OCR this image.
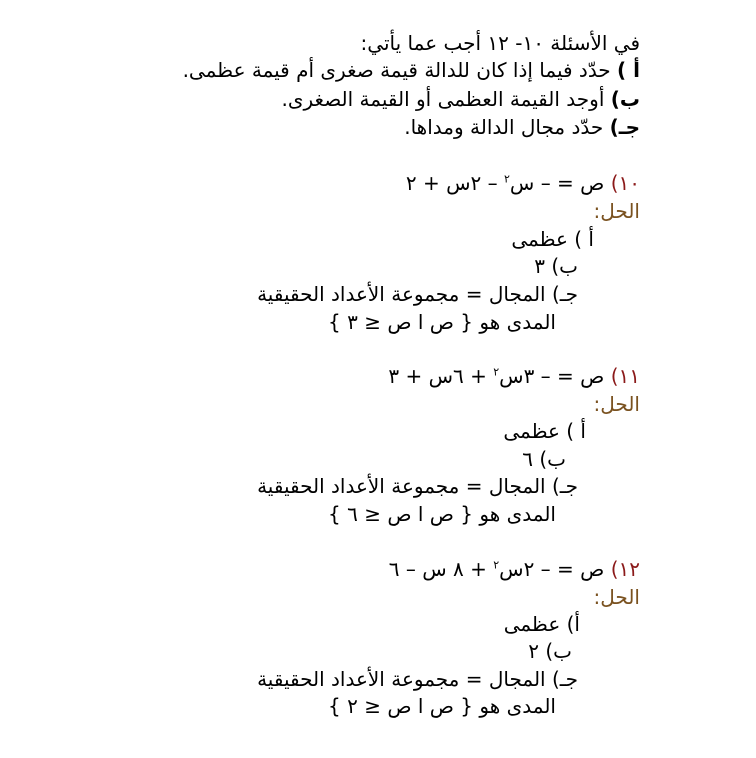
في الأسئلة ١٠- ١٢ أجب عما يأتي:
أ ) حدّد فيما إذا كان للدالة قيمة صغرى أم قيمة عظمى.
ب) أوجد القيمة العظمى أو القيمة الصغرى.
جـ) حدّد مجال الدالة ومداها.
١٠) ص = – س$^٢$ – ٢س + ٢
الحل:
أ ) عظمى
ب) ٣
جـ) المجال = مجموعة الأعداد الحقيقية
المدى هو { ص ا ص ≤ ٣ }
١١) ص = – ٣س$^٢$ + ٦س + ٣
الحل:
أ ) عظمى
ب) ٦
جـ) المجال = مجموعة الأعداد الحقيقية
المدى هو { ص ا ص ≤ ٦ }
١٢) ص = – ٢س$^٢$ + ٨ س – ٦
الحل:
أ) عظمى
ب) ٢
جـ) المجال = مجموعة الأعداد الحقيقية
المدى هو { ص ا ص ≤ ٢ }
